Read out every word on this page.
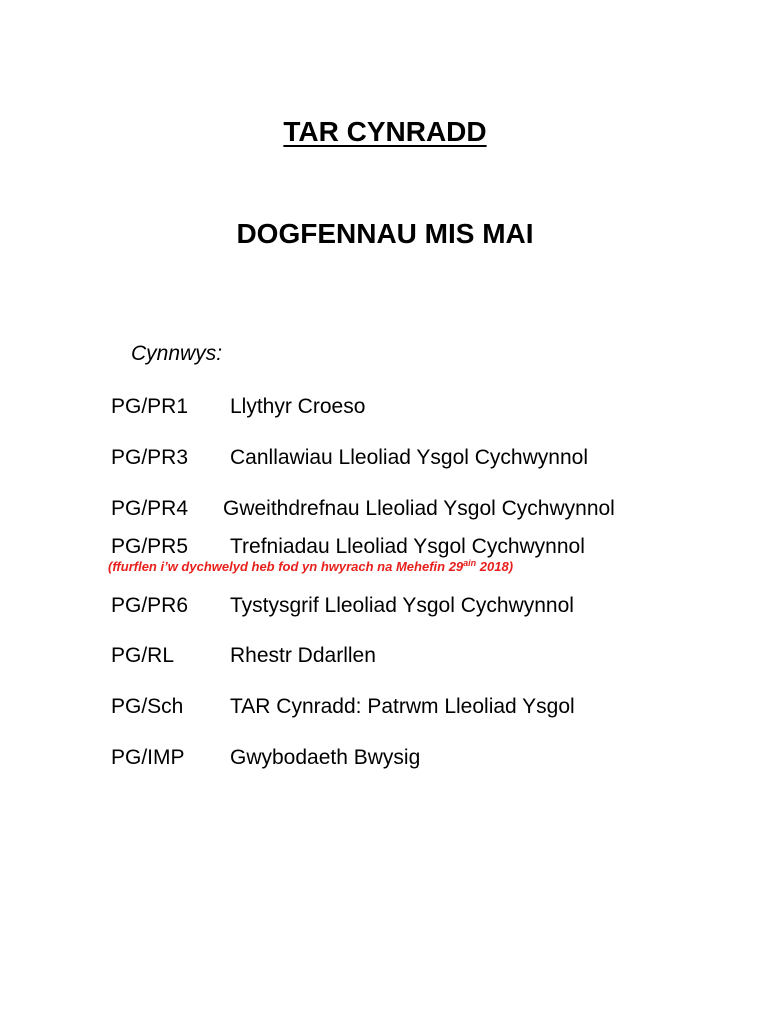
TAR CYNRADD
DOGFENNAU MIS MAI
Cynnwys:
PG/PR1 Llythyr Croeso
PG/PR3 Canllawiau Lleoliad Ysgol Cychwynnol
PG/PR4 Gweithdrefnau Lleoliad Ysgol Cychwynnol
PG/PR5 Trefniadau Lleoliad Ysgol Cychwynnol
(ffurflen i’w dychwelyd heb fod yn hwyrach na Mehefin $29^{ain}$ 2018)
PG/PR6 Tystysgrif Lleoliad Ysgol Cychwynnol
PG/RL	Rhestr Ddarllen
PG/Sch TAR Cynradd: Patrwm Lleoliad Ysgol
PG/IMP Gwybodaeth Bwysig
